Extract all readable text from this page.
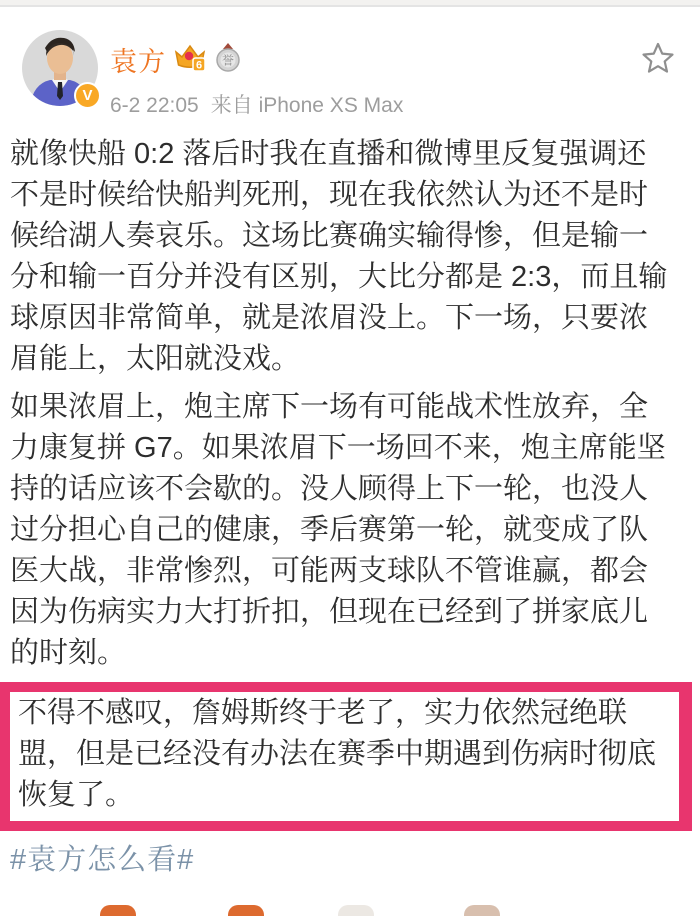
V
袁方	6 誉
6-2 22:05 来自 iPhone XS Max

就像快船 0:2 落后时我在直播和微博里反复强调还不是时候给快船判死刑，现在我依然认为还不是时候给湖人奏哀乐。这场比赛确实输得惨，但是输一分和输一百分并没有区别，大比分都是 2:3，而且输球原因非常简单，就是浓眉没上。下一场，只要浓眉能上，太阳就没戏。

如果浓眉上，炮主席下一场有可能战术性放弃，全力康复拼 G7。如果浓眉下一场回不来，炮主席能坚持的话应该不会歇的。没人顾得上下一轮，也没人过分担心自己的健康，季后赛第一轮，就变成了队医大战，非常惨烈，可能两支球队不管谁赢，都会因为伤病实力大打折扣，但现在已经到了拼家底儿的时刻。

不得不感叹，詹姆斯终于老了，实力依然冠绝联盟，但是已经没有办法在赛季中期遇到伤病时彻底恢复了。

#袁方怎么看#
